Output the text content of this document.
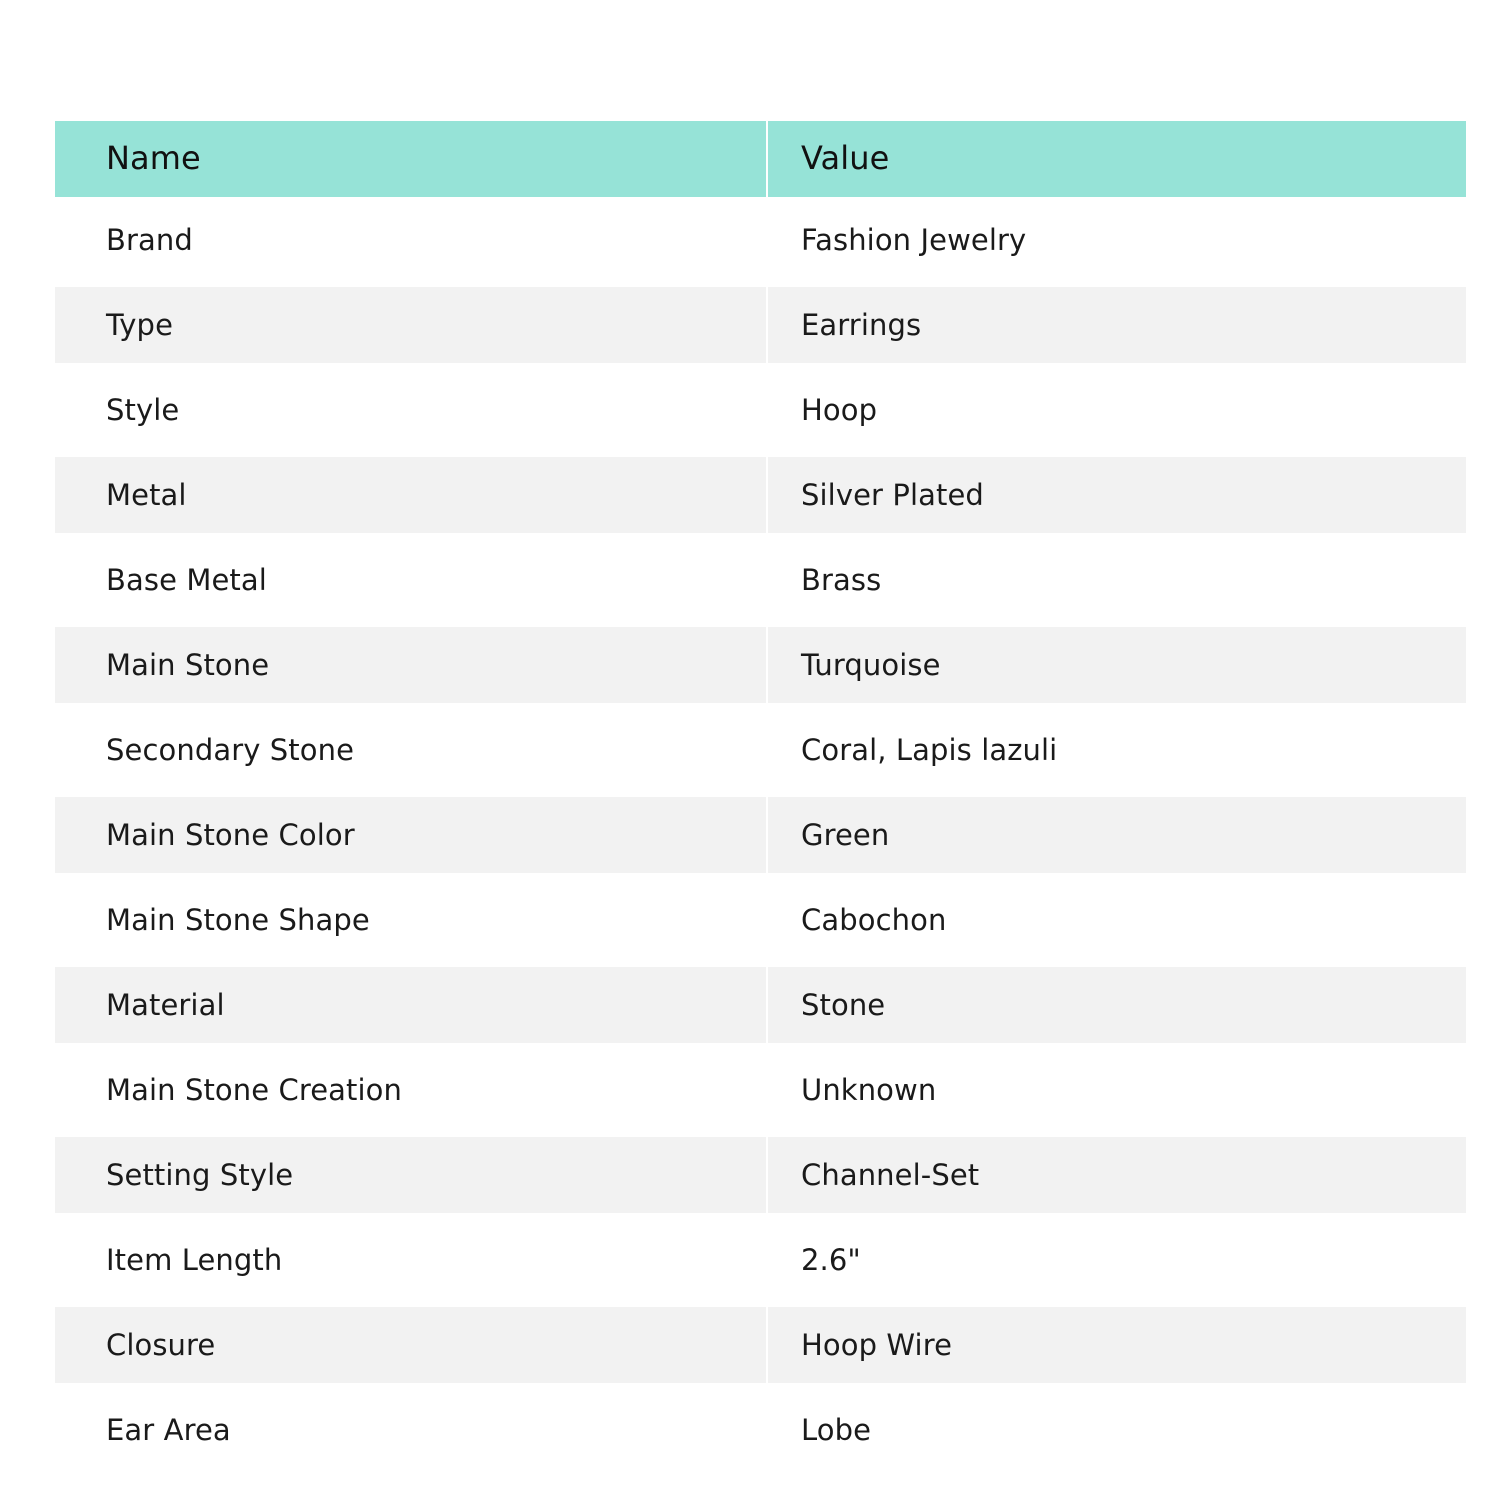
Name	Value
Brand	Fashion Jewelry
Type	Earrings
Style	Hoop
Metal	Silver Plated
Base Metal	Brass
Main Stone	Turquoise
Secondary Stone	Coral, Lapis lazuli
Main Stone Color	Green
Main Stone Shape	Cabochon
Material	Stone
Main Stone Creation	Unknown
Setting Style	Channel-Set
Item Length	2.6"
Closure	Hoop Wire
Ear Area	Lobe
